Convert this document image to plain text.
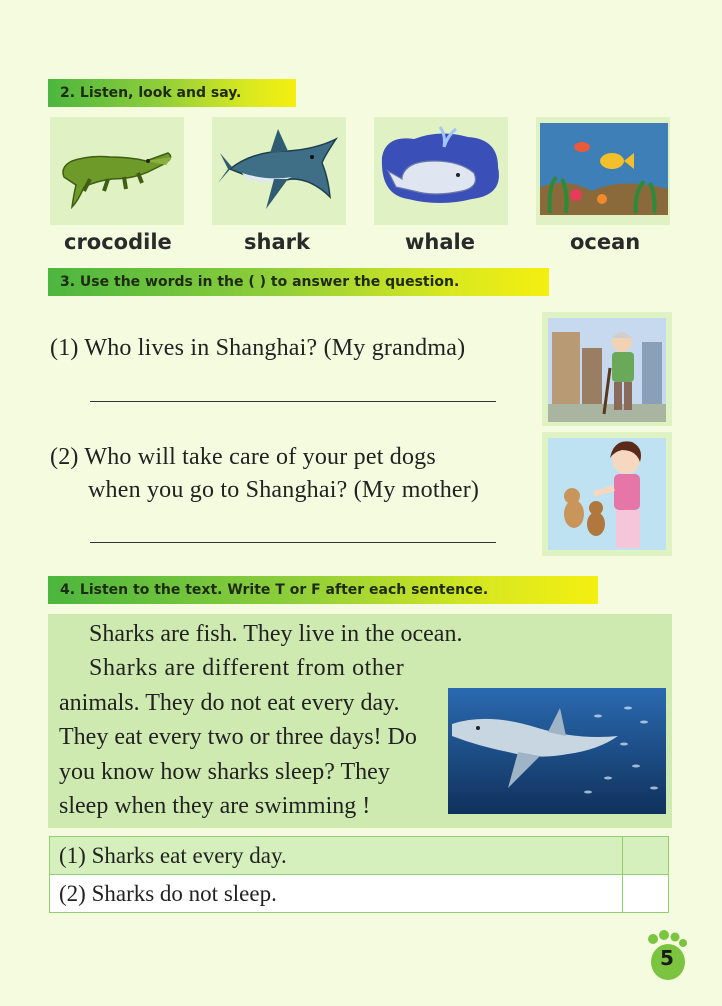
2. Listen, look and say.
crocodile	shark	whale	ocean
3. Use the words in the ( ) to answer the question.
(1) Who lives in Shanghai? (My grandma)
(2) Who will take care of your pet dogs
when you go to Shanghai? (My mother)
4. Listen to the text. Write T or F after each sentence.
Sharks are fish. They live in the ocean.
Sharks are different from other
animals. They do not eat every day.
They eat every two or three days! Do
you know how sharks sleep? They
sleep when they are swimming !
(1) Sharks eat every day.	
(2) Sharks do not sleep.	
5
